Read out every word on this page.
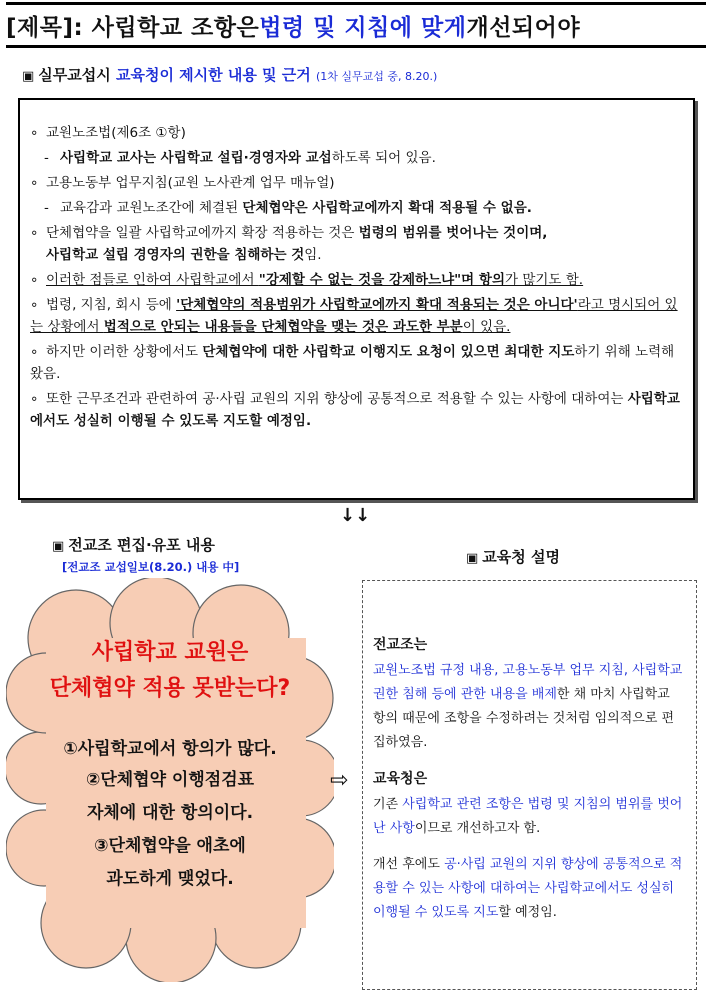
[제목]: 사립학교 조항은 법령 및 지침에 맞게 개선되어야
▣ 실무교섭시 교육청이 제시한 내용 및 근거 (1차 실무교섭 중, 8.20.)
∘ 교원노조법(제6조 ①항)
- 사립학교 교사는 사립학교 설립·경영자와 교섭하도록 되어 있음.
∘ 고용노동부 업무지침(교원 노사관계 업무 매뉴얼)
- 교육감과 교원노조간에 체결된 단체협약은 사립학교에까지 확대 적용될 수 없음.
∘ 단체협약을 일괄 사립학교에까지 확장 적용하는 것은 법령의 범위를 벗어나는 것이며,
사립학교 설립 경영자의 권한을 침해하는 것임.
∘ 이러한 점들로 인하여 사립학교에서 "강제할 수 없는 것을 강제하느냐"며 항의가 많기도 함.
∘ 법령, 지침, 회시 등에 '단체협약의 적용범위가 사립학교에까지 확대 적용되는 것은 아니다'라고 명시되어 있는 상황에서 법적으로 안되는 내용들을 단체협약을 맺는 것은 과도한 부분이 있음.
∘ 하지만 이러한 상황에서도 단체협약에 대한 사립학교 이행지도 요청이 있으면 최대한 지도하기 위해 노력해 왔음.
∘ 또한 근무조건과 관련하여 공·사립 교원의 지위 향상에 공통적으로 적용할 수 있는 사항에 대하여는 사립학교에서도 성실히 이행될 수 있도록 지도할 예정임.
↓↓
▣ 전교조 편집·유포 내용
[전교조 교섭일보(8.20.) 내용 中]
▣ 교육청 설명
사립학교 교원은
단체협약 적용 못받는다?
①사립학교에서 항의가 많다.
②단체협약 이행점검표
자체에 대한 항의이다.
③단체협약을 애초에
과도하게 맺었다.
⇨
전교조는

교원노조법 규정 내용, 고용노동부 업무 지침, 사립학교 권한 침해 등에 관한 내용을 배제한 채 마치 사립학교 항의 때문에 조항을 수정하려는 것처럼 임의적으로 편집하였음.

교육청은

기존 사립학교 관련 조항은 법령 및 지침의 범위를 벗어난 사항이므로 개선하고자 함.

개선 후에도 공·사립 교원의 지위 향상에 공통적으로 적용할 수 있는 사항에 대하여는 사립학교에서도 성실히 이행될 수 있도록 지도할 예정임.
